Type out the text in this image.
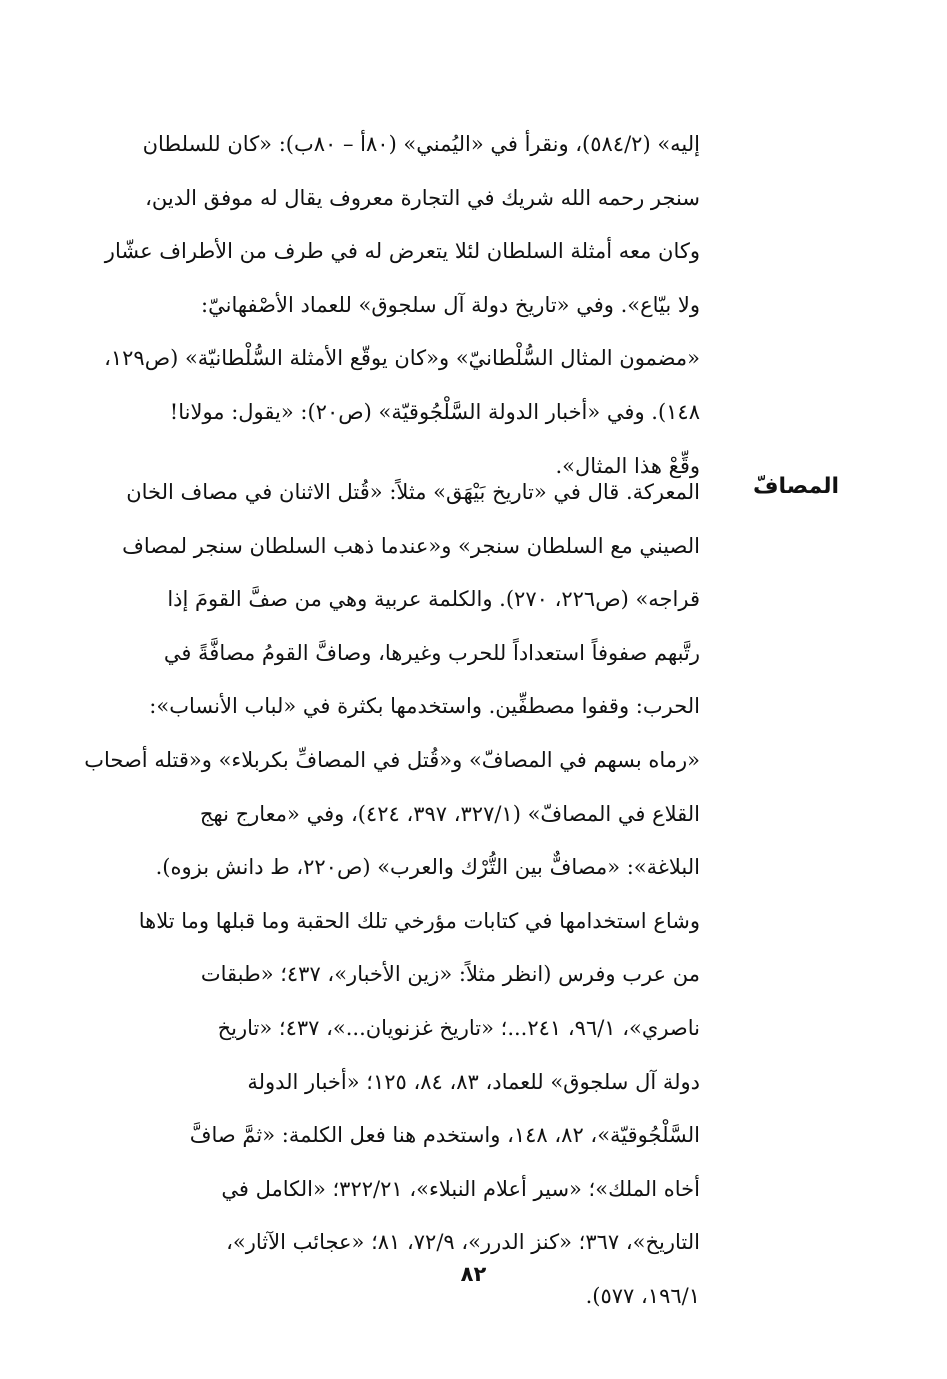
إليه» (٥٨٤/٢)، ونقرأ في «اليُمني» (٨٠أ – ٨٠ب): «كان للسلطان
سنجر رحمه الله شريك في التجارة معروف يقال له موفق الدين،
وكان معه أمثلة السلطان لئلا يتعرض له في طرف من الأطراف عشّار
ولا بيّاع». وفي «تاريخ دولة آل سلجوق» للعماد الأصْفهانيّ:
«مضمون المثال السُّلْطانيّ» و«كان يوقّع الأمثلة السُّلْطانيّة» (ص١٢٩،
١٤٨). وفي «أخبار الدولة السَّلْجُوقيّة» (ص٢٠): «يقول: مولانا!
وقِّعْ هذا المثال».
المصافّ
المعركة. قال في «تاريخ بَيْهَق» مثلاً: «قُتل الاثنان في مصاف الخان
الصيني مع السلطان سنجر» و«عندما ذهب السلطان سنجر لمصاف
قراجه» (ص٢٢٦، ٢٧٠). والكلمة عربية وهي من صفَّ القومَ إذا
رتَّبهم صفوفاً استعداداً للحرب وغيرها، وصافَّ القومُ مصافَّةً في
الحرب: وقفوا مصطفِّين. واستخدمها بكثرة في «لباب الأنساب»:
«رماه بسهم في المصافّ» و«قُتل في المصافِّ بكربلاء» و«قتله أصحاب
القلاع في المصافّ» (٣٢٧/١، ٣٩٧، ٤٢٤)، وفي «معارج نهج
البلاغة»: «مصافٌّ بين التُّرْك والعرب» (ص٢٢٠، ط دانش بزوه).
وشاع استخدامها في كتابات مؤرخي تلك الحقبة وما قبلها وما تلاها
من عرب وفرس (انظر مثلاً: «زين الأخبار»، ٤٣٧؛ «طبقات
ناصري»، ٩٦/١، ٢٤١...؛ «تاريخ غزنويان...»، ٤٣٧؛ «تاريخ
دولة آل سلجوق» للعماد، ٨٣، ٨٤، ١٢٥؛ «أخبار الدولة
السَّلْجُوقيّة»، ٨٢، ١٤٨، واستخدم هنا فعل الكلمة: «ثمَّ صافَّ
أخاه الملك»؛ «سير أعلام النبلاء»، ٣٢٢/٢١؛ «الكامل في
التاريخ»، ٣٦٧؛ «كنز الدرر»، ٧٢/٩، ٨١؛ «عجائب الآثار»،
١٩٦/١، ٥٧٧).
٨٢
